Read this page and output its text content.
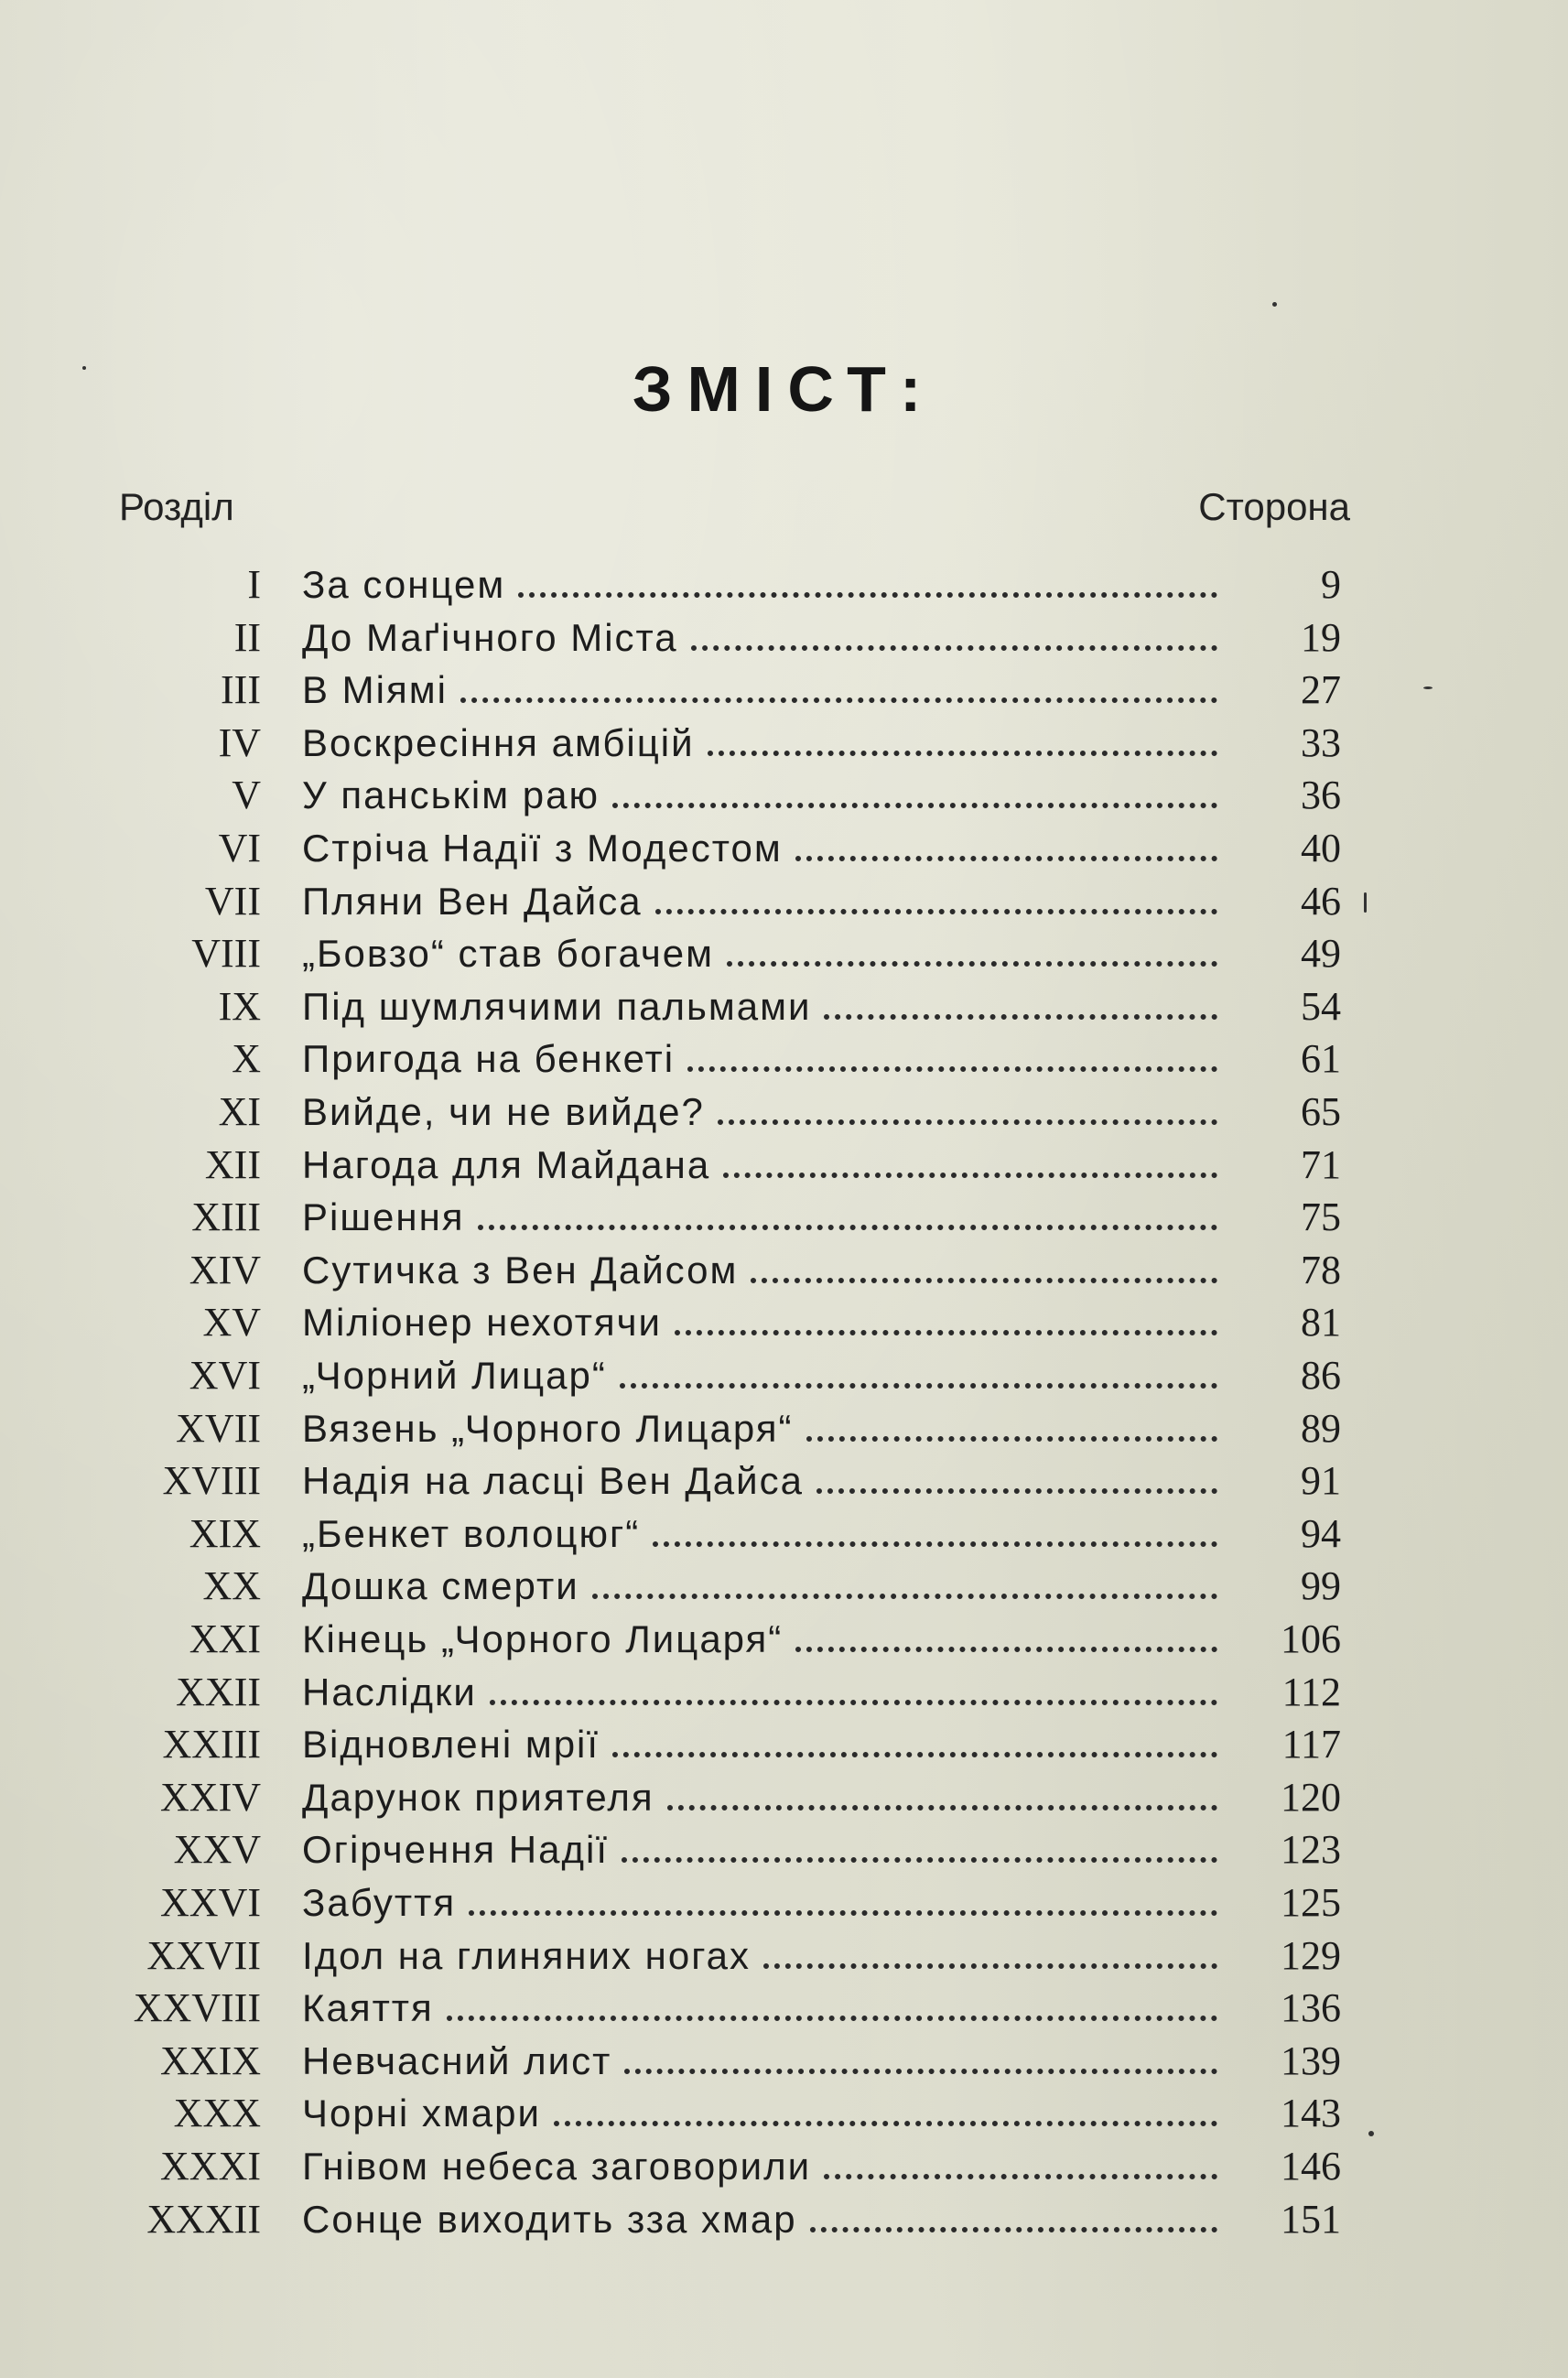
ЗМІСТ:
Розділ	Сторона
I За сонцем	9
II До Маґічного Міста	19
III В Міямі	27
IV Воскресіння амбіцій	33
V У панськім раю	36
VI Стріча Надії з Модестом	40
VII Пляни Вен Дайса	46
VIII „Бовзо“ став богачем	49
IX Під шумлячими пальмами	54
X Пригода на бенкеті	61
XI Вийде, чи не вийде?	65
XII Нагода для Майдана	71
XIII Рішення	75
XIV Сутичка з Вен Дайсом	78
XV Міліонер нехотячи	81
XVI „Чорний Лицар“	86
XVII Вязень „Чорного Лицаря“	89
XVIII Надія на ласці Вен Дайса	91
XIX „Бенкет волоцюг“	94
XX Дошка смерти	99
XXI Кінець „Чорного Лицаря“	106
XXII Наслідки	112
XXIII Відновлені мрії	117
XXIV Дарунок приятеля	120
XXV Огірчення Надії	123
XXVI Забуття	125
XXVII Ідол на глиняних ногах	129
XXVIII Каяття	136
XXIX Невчасний лист	139
XXX Чорні хмари	143
XXXI Гнівом небеса заговорили	146
XXXII Сонце виходить зза хмар	151
